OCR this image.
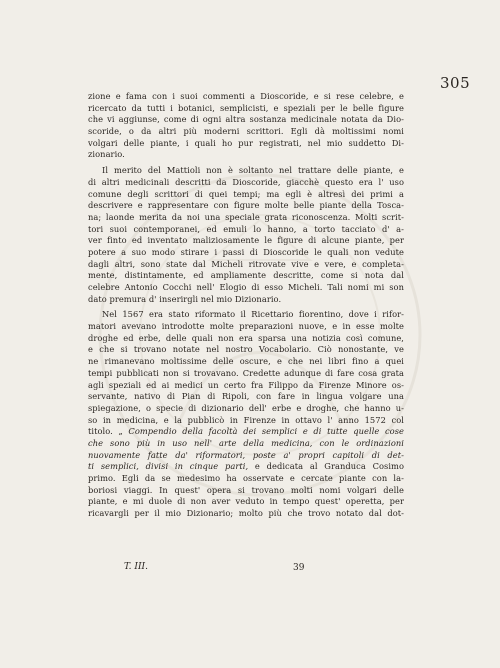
305
zione e fama con i suoi commenti a Dioscoride, e si rese celebre, e
ricercato da tutti i botanici, semplicisti, e speziali per le belle figure
che vi aggiunse, come di ogni altra sostanza medicinale notata da Dio-
scoride, o da altri più moderni scrittori. Egli dà moltissimi nomi
volgari delle piante, i quali ho pur registrati, nel mio suddetto Di-
zionario.
Il merito del Mattioli non è soltanto nel trattare delle piante, e
di altri medicinali descritti da Dioscoride, giacchè questo era l' uso
comune degli scrittori di quei tempi; ma egli è altresì dei primi a
descrivere e rappresentare con figure molte belle piante della Tosca-
na; laonde merita da noi una speciale grata riconoscenza. Molti scrit-
tori suoi contemporanei, ed emuli lo hanno, a torto tacciato d' a-
ver finto ed inventato maliziosamente le figure di alcune piante, per
potere a suo modo stirare i passi di Dioscoride le quali non vedute
dagli altri, sono state dal Micheli ritrovate vive e vere, e completa-
mente, distintamente, ed ampliamente descritte, come si nota dal
celebre Antonio Cocchi nell' Elogio di esso Micheli. Tali nomi mi son
dato premura d' inserirgli nel mio Dizionario.
Nel 1567 era stato riformato il Ricettario fiorentino, dove i rifor-
matori avevano introdotte molte preparazioni nuove, e in esse molte
droghe ed erbe, delle quali non era sparsa una notizia così comune,
e che si trovano notate nel nostro Vocabolario. Ciò nonostante, ve
ne rimanevano moltissime delle oscure, e che nei libri fino a quei
tempi pubblicati non si trovavano. Credette adunque di fare cosa grata
agli speziali ed ai medici un certo fra Filippo da Firenze Minore os-
servante, nativo di Pian di Ripoli, con fare in lingua volgare una
spiegazione, o specie di dizionario dell' erbe e droghe, che hanno u-
so in medicina, e la pubblicò in Firenze in ottavo l' anno 1572 col
titolo. „ Compendio della facoltà dei semplici e di tutte quelle cose
che sono più in uso nell' arte della medicina, con le ordinazioni
nuovamente fatte da' riformatori, poste a' propri capitoli di det-
ti semplici, divisi in cinque parti, e dedicata al Granduca Cosimo
primo. Egli da se medesimo ha osservate e cercate piante con la-
boriosi viaggi. In quest' opera si trovano molti nomi volgari delle
piante, e mi duole di non aver veduto in tempo quest' operetta, per
ricavargli per il mio Dizionario; molto più che trovo notato dal dot-
T. III.	39
